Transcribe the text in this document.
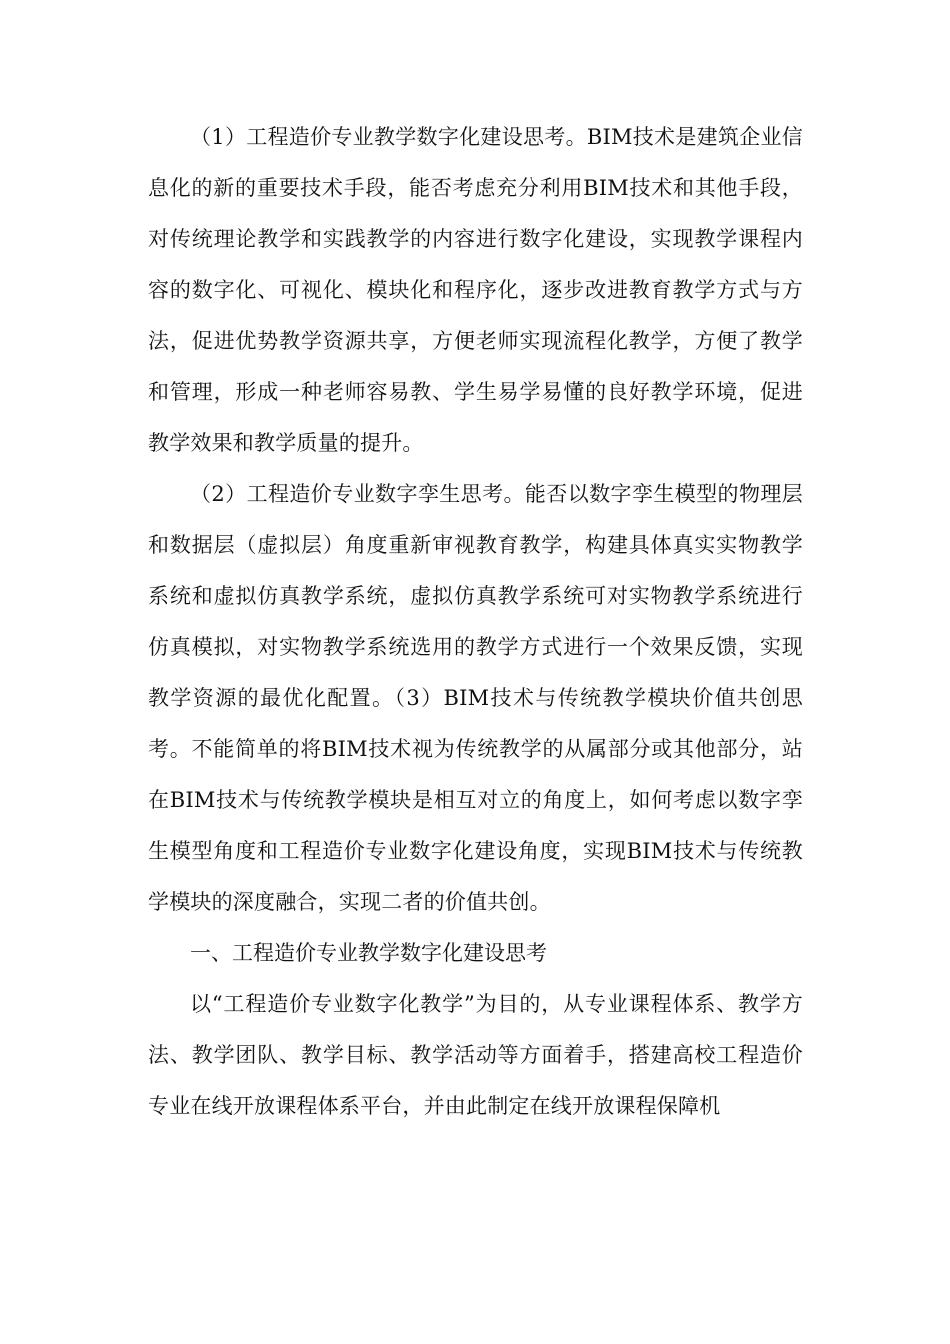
（1）工程造价专业教学数字化建设思考。BIM技术是建筑企业信息化的新的重要技术手段，能否考虑充分利用BIM技术和其他手段，对传统理论教学和实践教学的内容进行数字化建设，实现教学课程内容的数字化、可视化、模块化和程序化，逐步改进教育教学方式与方法，促进优势教学资源共享，方便老师实现流程化教学，方便了教学和管理，形成一种老师容易教、学生易学易懂的良好教学环境，促进教学效果和教学质量的提升。

（2）工程造价专业数字孪生思考。能否以数字孪生模型的物理层和数据层（虚拟层）角度重新审视教育教学，构建具体真实实物教学系统和虚拟仿真教学系统，虚拟仿真教学系统可对实物教学系统进行仿真模拟，对实物教学系统选用的教学方式进行一个效果反馈，实现教学资源的最优化配置。（3）BIM技术与传统教学模块价值共创思考。不能简单的将BIM技术视为传统教学的从属部分或其他部分，站在BIM技术与传统教学模块是相互对立的角度上，如何考虑以数字孪生模型角度和工程造价专业数字化建设角度，实现BIM技术与传统教学模块的深度融合，实现二者的价值共创。

一、工程造价专业教学数字化建设思考

以“工程造价专业数字化教学”为目的，从专业课程体系、教学方法、教学团队、教学目标、教学活动等方面着手，搭建高校工程造价专业在线开放课程体系平台，并由此制定在线开放课程保障机
